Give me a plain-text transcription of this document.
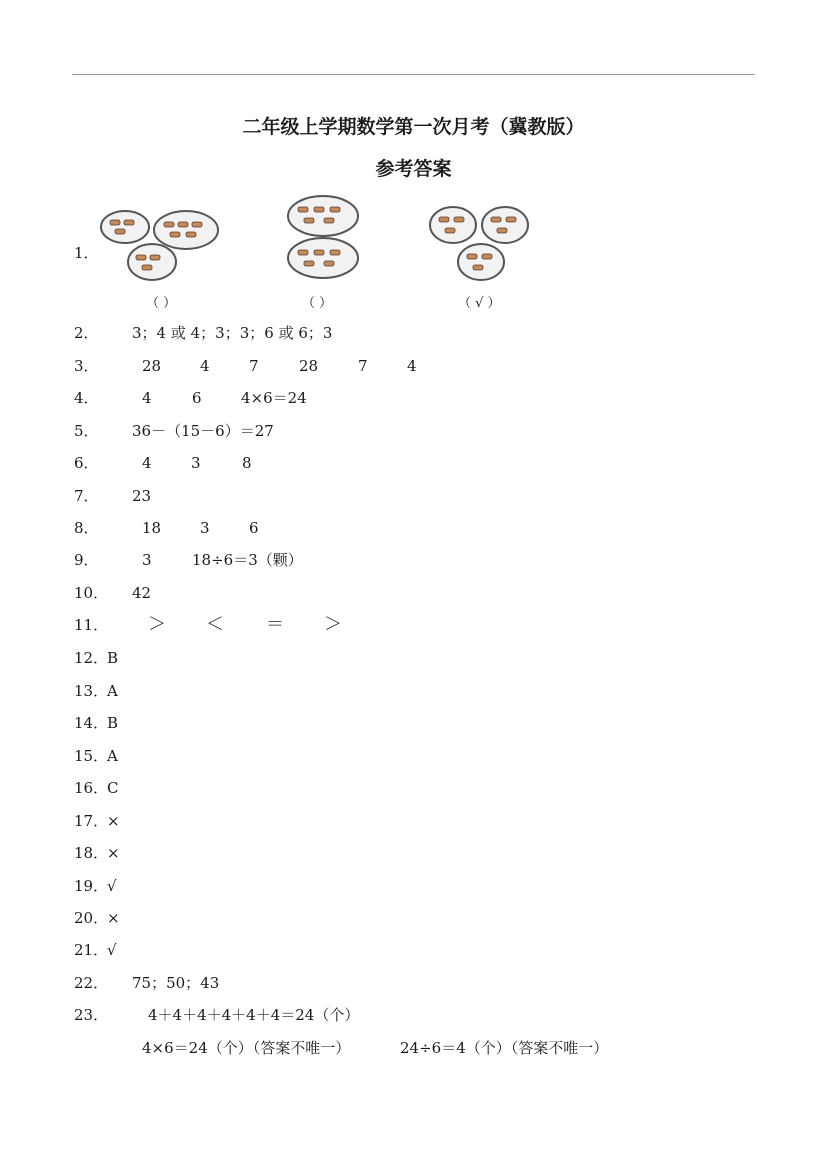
二年级上学期数学第一次月考（冀教版）
参考答案
1．
（ ）	（ ）	（ √ ）
2． 3；4 或 4；3；3；6 或 6；3
3．	28	4	7	28	7	4
4．	4	6	4×6＝24
5． 36－（15－6）＝27
6．	4	3	8
7． 23
8．	18	3	6
9．	3	18÷6＝3（颗）
10． 42
11． ＞ ＜ ＝ ＞
12．
B
13．
A
14．
B
15．
A
16．
C
17．
×
18．
×
19．
√
20．
×
21．
√
22． 75；50；43
23．	4＋4＋4＋4＋4＋4＝24（个）
4×6＝24（个）（答案不唯一）	24÷6＝4（个）（答案不唯一）
